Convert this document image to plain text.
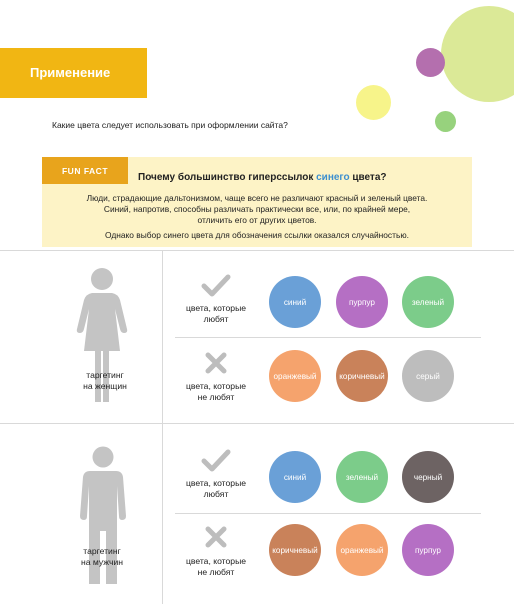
Применение
Какие цвета следует использовать при оформлении сайта?
FUN FACT
Почему большинство гиперссылок синего цвета?
Люди, страдающие дальтонизмом, чаще всего не различают красный и зеленый цвета.
Синий, напротив, способны различать практически все, или, по крайней мере,
отличить его от других цветов.
Однако выбор синего цвета для обозначения ссылки оказался случайностью.
таргетинг
на женщин
таргетинг
на мужчин
цвета, которые
любят
синий	пурпур	зеленый
цвета, которые
не любят
оранжевый	коричневый	серый
цвета, которые
любят
синий	зеленый	черный
цвета, которые
не любят
коричневый	оранжевый	пурпур
